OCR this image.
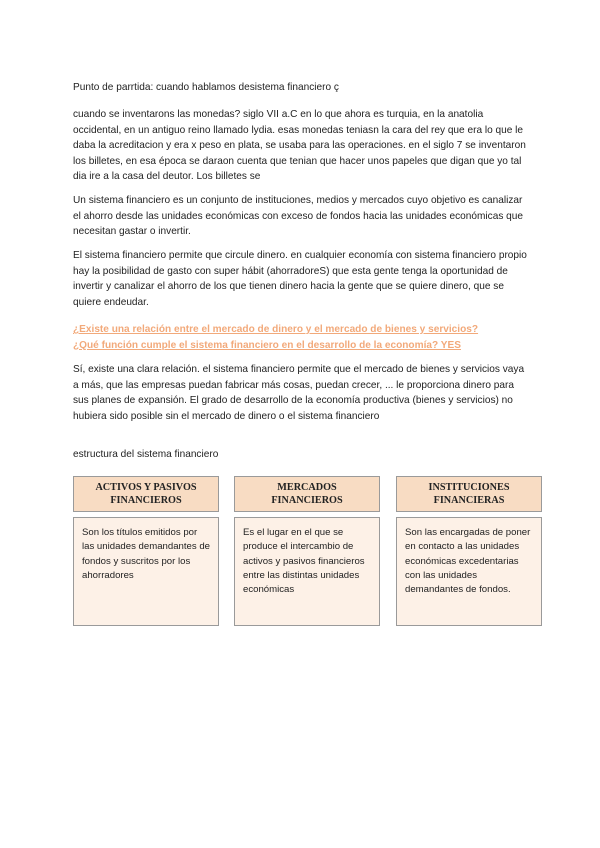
Punto de parrtida: cuando hablamos desistema financiero ç

cuando se inventarons las monedas? siglo VII a.C en lo que ahora es turquia, en la anatolia occidental, en un antiguo reino llamado lydia. esas monedas teniasn la cara del rey que era lo que le daba la acreditacion y era x peso en plata, se usaba para las operaciones. en el siglo 7 se inventaron los billetes, en esa época se daraon cuenta que tenian que hacer unos papeles que digan que yo tal dia ire a la casa del deutor. Los billetes se

Un sistema financiero es un conjunto de instituciones, medios y mercados cuyo objetivo es canalizar el ahorro desde las unidades económicas con exceso de fondos hacia las unidades económicas que necesitan gastar o invertir.

El sistema financiero permite que circule dinero. en cualquier economía con sistema financiero propio hay la posibilidad de gasto con super hábit (ahorradoreS) que esta gente tenga la oportunidad de invertir y canalizar el ahorro de los que tienen dinero hacia la gente que se quiere dinero, que se quiere endeudar.

¿Existe una relación entre el mercado de dinero y el mercado de bienes y servicios?
¿Qué función cumple el sistema financiero en el desarrollo de la economía? YES

Sí, existe una clara relación. el sistema financiero permite que el mercado de bienes y servicios vaya a más, que las empresas puedan fabricar más cosas, puedan crecer, ... le proporciona dinero para sus planes de expansión. El grado de desarrollo de la economía productiva (bienes y servicios) no hubiera sido posible sin el mercado de dinero o el sistema financiero

estructura del sistema financiero

ACTIVOS Y PASIVOS
FINANCIEROS
Son los títulos emitidos por las unidades demandantes de fondos y suscritos por los ahorradores
MERCADOS
FINANCIEROS
Es el lugar en el que se produce el intercambio de activos y pasivos financieros entre las distintas unidades económicas
INSTITUCIONES
FINANCIERAS
Son las encargadas de poner en contacto a las unidades económicas excedentarias con las unidades demandantes de fondos.
